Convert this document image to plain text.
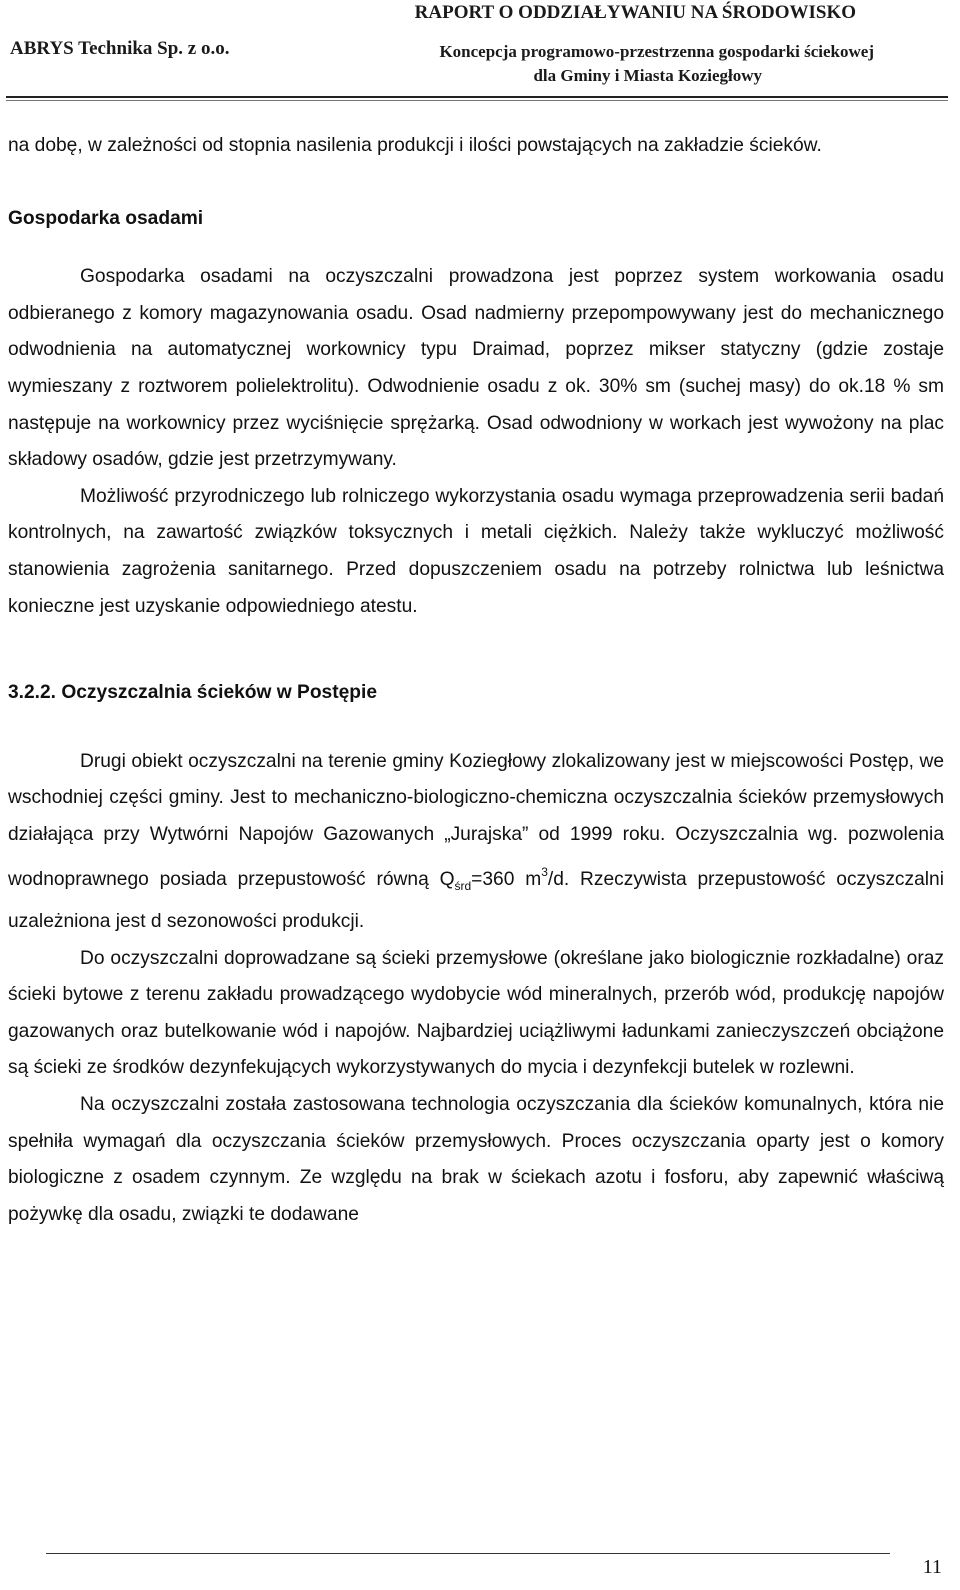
RAPORT O ODDZIAŁYWANIU NA ŚRODOWISKO
ABRYS Technika Sp. z o.o.	Koncepcja programowo-przestrzenna gospodarki ściekowej
dla Gminy i Miasta Koziegłowy

na dobę, w zależności od stopnia nasilenia produkcji i ilości powstających na zakładzie ścieków.

Gospodarka osadami

Gospodarka osadami na oczyszczalni prowadzona jest poprzez system workowania osadu odbieranego z komory magazynowania osadu. Osad nadmierny przepompowywany jest do mechanicznego odwodnienia na automatycznej workownicy typu Draimad, poprzez mikser statyczny (gdzie zostaje wymieszany z roztworem polielektrolitu). Odwodnienie osadu z ok. 30% sm (suchej masy) do ok.18 % sm następuje na workownicy przez wyciśnięcie sprężarką. Osad odwodniony w workach jest wywożony na plac składowy osadów, gdzie jest przetrzymywany.

Możliwość przyrodniczego lub rolniczego wykorzystania osadu wymaga przeprowadzenia serii badań kontrolnych, na zawartość związków toksycznych i metali ciężkich. Należy także wykluczyć możliwość stanowienia zagrożenia sanitarnego. Przed dopuszczeniem osadu na potrzeby rolnictwa lub leśnictwa konieczne jest uzyskanie odpowiedniego atestu.

3.2.2. Oczyszczalnia ścieków w Postępie

Drugi obiekt oczyszczalni na terenie gminy Koziegłowy zlokalizowany jest w miejscowości Postęp, we wschodniej części gminy. Jest to mechaniczno-biologiczno-chemiczna oczyszczalnia ścieków przemysłowych działająca przy Wytwórni Napojów Gazowanych „Jurajska” od 1999 roku. Oczyszczalnia wg. pozwolenia wodnoprawnego posiada przepustowość równą $Q_{śrd}=360$ $m^3/d$. Rzeczywista przepustowość oczyszczalni uzależniona jest d sezonowości produkcji.

Do oczyszczalni doprowadzane są ścieki przemysłowe (określane jako biologicznie rozkładalne) oraz ścieki bytowe z terenu zakładu prowadzącego wydobycie wód mineralnych, przerób wód, produkcję napojów gazowanych oraz butelkowanie wód i napojów. Najbardziej uciążliwymi ładunkami zanieczyszczeń obciążone są ścieki ze środków dezynfekujących wykorzystywanych do mycia i dezynfekcji butelek w rozlewni.

Na oczyszczalni została zastosowana technologia oczyszczania dla ścieków komunalnych, która nie spełniła wymagań dla oczyszczania ścieków przemysłowych. Proces oczyszczania oparty jest o komory biologiczne z osadem czynnym. Ze względu na brak w ściekach azotu i fosforu, aby zapewnić właściwą pożywkę dla osadu, związki te dodawane

11
